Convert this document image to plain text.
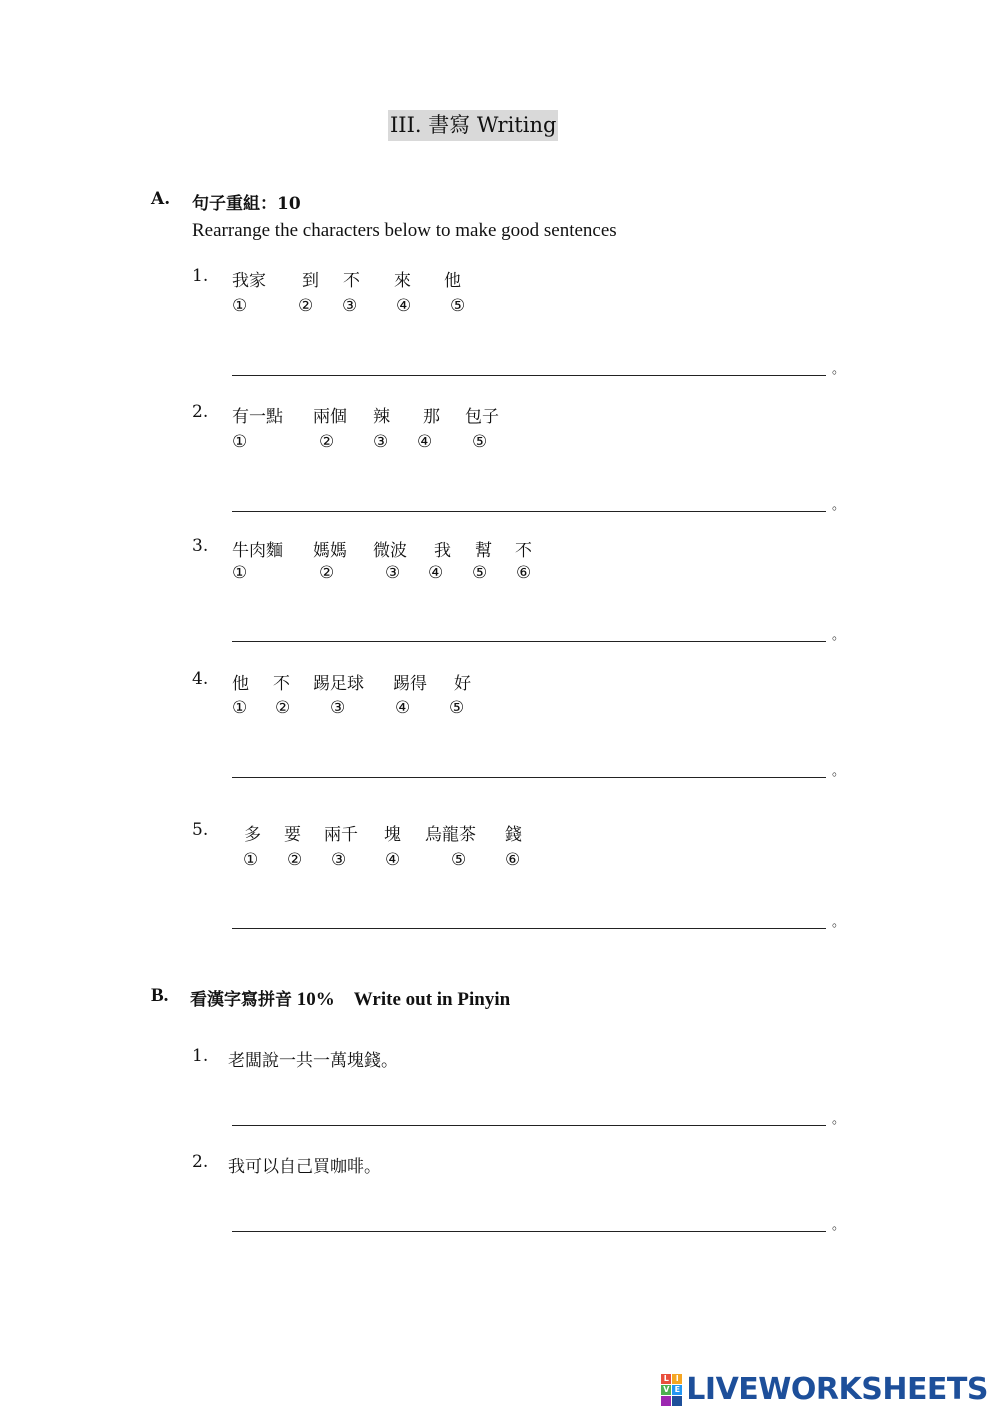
III. 書寫 Writing
A. 句子重組：10
Rearrange the characters below to make good sentences
1. 我家 到 不 來 他
①	② ③ ④ ⑤
。
2. 有一點 兩個 辣 那 包子
①	② ③ ④ ⑤
。
3. 牛肉麵 媽媽 微波 我 幫 不
①	②	③ ④ ⑤ ⑥
。
4. 他 不 踢足球 踢得 好
① ② ③	④ ⑤
。
5. 多 要 兩千 塊 烏龍茶 錢
① ② ③ ④	⑤ ⑥
。
B. 看漢字寫拼音 10%    Write out in Pinyin
1. 老闆說一共一萬塊錢。
。
2. 我可以自己買咖啡。
。
L I
V E LIVEWORKSHEETS
